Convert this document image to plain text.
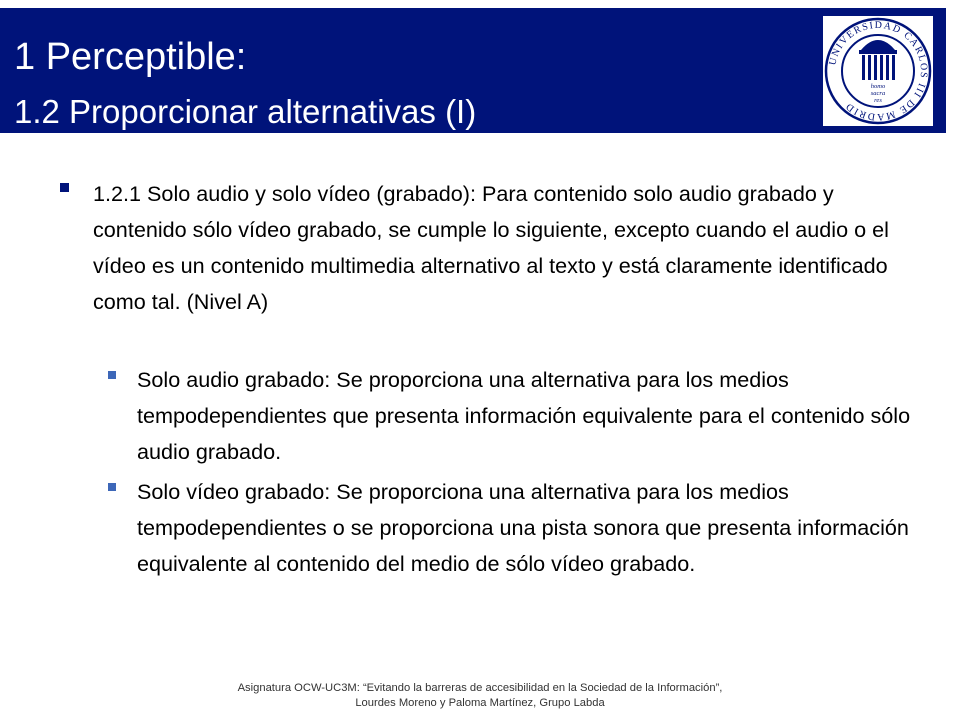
1 Perceptible:
1.2 Proporcionar alternativas (I)
UNIVERSIDAD CARLOS III DE MADRID
homo
sacra
res
1.2.1 Solo audio y solo vídeo (grabado): Para contenido solo audio grabado y contenido sólo vídeo grabado, se cumple lo siguiente, excepto cuando el audio o el vídeo es un contenido multimedia alternativo al texto y está claramente identificado como tal. (Nivel A)
Solo audio grabado: Se proporciona una alternativa para los medios tempodependientes que presenta información equivalente para el contenido sólo audio grabado.
Solo vídeo grabado: Se proporciona una alternativa para los medios tempodependientes o se proporciona una pista sonora que presenta información equivalente al contenido del medio de sólo vídeo grabado.
Asignatura OCW-UC3M: “Evitando la barreras de accesibilidad en la Sociedad de la Información”,
Lourdes Moreno y Paloma Martínez, Grupo Labda
